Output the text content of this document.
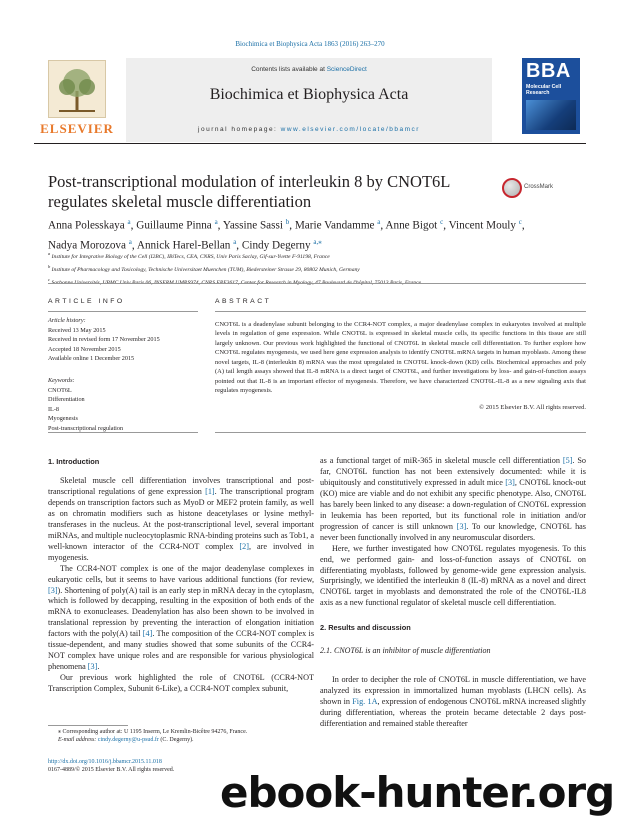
Biochimica et Biophysica Acta 1863 (2016) 263–270
ELSEVIER
Contents lists available at ScienceDirect
Biochimica et Biophysica Acta
journal homepage: www.elsevier.com/locate/bbamcr
BBA
Molecular Cell Research
Post-transcriptional modulation of interleukin 8 by CNOT6L regulates skeletal muscle differentiation
CrossMark
Anna Polesskaya $^a$, Guillaume Pinna $^a$, Yassine Sassi $^b$, Marie Vandamme $^a$, Anne Bigot $^c$, Vincent Mouly $^c$,
Nadya Morozova $^a$, Annick Harel-Bellan $^a$, Cindy Degerny $^{a,⁎}$
$^a$ Institute for Integrative Biology of the Cell (I2BC), IBiTecs, CEA, CNRS, Univ Paris Saclay, Gif-sur-Yvette F-91198, France
$^b$ Institute of Pharmacology and Toxicology, Technische Universitaet Muenchen (TUM), Biedersteiner Strasse 29, 80802 Munich, Germany
$^c$
ARTICLE INFO	ABSTRACT
Article history:
Received 13 May 2015
Received in revised form 17 November 2015
Accepted 18 November 2015
Available online 1 December 2015
Keywords:
CNOT6L
Differentiation
IL-8
Myogenesis
Post-transcriptional regulation
CNOT6L is a deadenylase subunit belonging to the CCR4-NOT complex, a major deadenylase complex in eukaryotes involved at multiple levels in regulation of gene expression. While CNOT6L is expressed in skeletal muscle cells, its specific functions in this tissue are still largely unknown. Our previous work highlighted the functional of CNOT6L in skeletal muscle cell differentiation. To further explore how CNOT6L regulates myogenesis, we used here gene expression analysis to identify CNOT6L mRNA targets in human myoblasts. Among these novel targets, IL-8 (interleukin 8) mRNA was the most upregulated in CNOT6L knock-down (KD) cells. Biochemical approaches and poly (A) tail length assays showed that IL-8 mRNA is a direct target of CNOT6L, and further investigations by loss- and gain-of-function assays pointed out that IL-8 is an important effector of myogenesis. Therefore, we have characterized CNOT6L-IL-8 as a new signaling axis that regulates myogenesis.
© 2015 Elsevier B.V. All rights reserved.
1. Introduction

Skeletal muscle cell differentiation involves transcriptional and post-transcriptional regulations of gene expression [1]. The transcriptional program depends on transcription factors such as MyoD or MEF2 protein family, as well as on chromatin modifiers such as histone deacetylases or lysine methyl-transferases in the nucleus. At the post-transcriptional level, several important miRNAs, and multiple nucleocytoplasmic RNA-binding proteins such as Tob1, a well-known interactor of the CCR4-NOT complex [2], are involved in myogenesis.

The CCR4-NOT complex is one of the major deadenylase complexes in eukaryotic cells, but it seems to have various additional functions (for review, [3]). Shortening of poly(A) tail is an early step in mRNA decay in the cytoplasm, which is followed by decapping, resulting in the exposition of both ends of the mRNA to exonucleases. Deadenylation has also been shown to be involved in translational repression by preventing the interaction of elongation initiation factors with the poly(A) tail [4]. The composition of the CCR4-NOT complex is tissue-dependent, and many studies showed that some subunits of the CCR4-NOT complex have unique roles and are responsible for various physiological phenomena [3].

Our previous work highlighted the role of CNOT6L (CCR4-NOT Transcription Complex, Subunit 6-Like), a CCR4-NOT complex subunit,

as a functional target of miR-365 in skeletal muscle cell differentiation [5]. So far, CNOT6L function has not been extensively documented: while it is ubiquitously and constitutively expressed in adult mice [3], CNOT6L knock-out (KO) mice are viable and do not exhibit any specific phenotype. Also, CNOT6L has barely been linked to any disease: a down-regulation of CNOT6L expression in leukemia has been reported, but its functional role in initiation and/or progression of cancer is still unknown [3]. To our knowledge, CNOT6L has never been functionally involved in any neuromuscular disorders.

Here, we further investigated how CNOT6L regulates myogenesis. To this end, we performed gain- and loss-of-function assays of CNOT6L on differentiating myoblasts, followed by genome-wide gene expression analysis. Surprisingly, we identified the interleukin 8 (IL-8) mRNA as a novel and direct CNOT6L target in myoblasts and demonstrated the role of the CNOT6L-IL8 axis as a new functional regulator of skeletal muscle cell differentiation.

2. Results and discussion
2.1. CNOT6L is an inhibitor of muscle differentiation

In order to decipher the role of CNOT6L in muscle differentiation, we have analyzed its expression in immortalized human myoblasts (LHCN cells). As shown in Fig. 1A, expression of endogenous CNOT6L mRNA increased slightly during differentiation, whereas the protein became detectable 2 days post-differentiation and remained stable thereafter

⁎ Corresponding author at: U 1195 Inserm, Le Kremlin-Bicêtre 94276, France.
E-mail address: cindy.degerny@u-psud.fr (C. Degerny).
http://dx.doi.org/10.1016/j.bbamcr.2015.11.018
0167-4889/© 2015 Elsevier B.V. All rights reserved.	ebook-hunter.org
